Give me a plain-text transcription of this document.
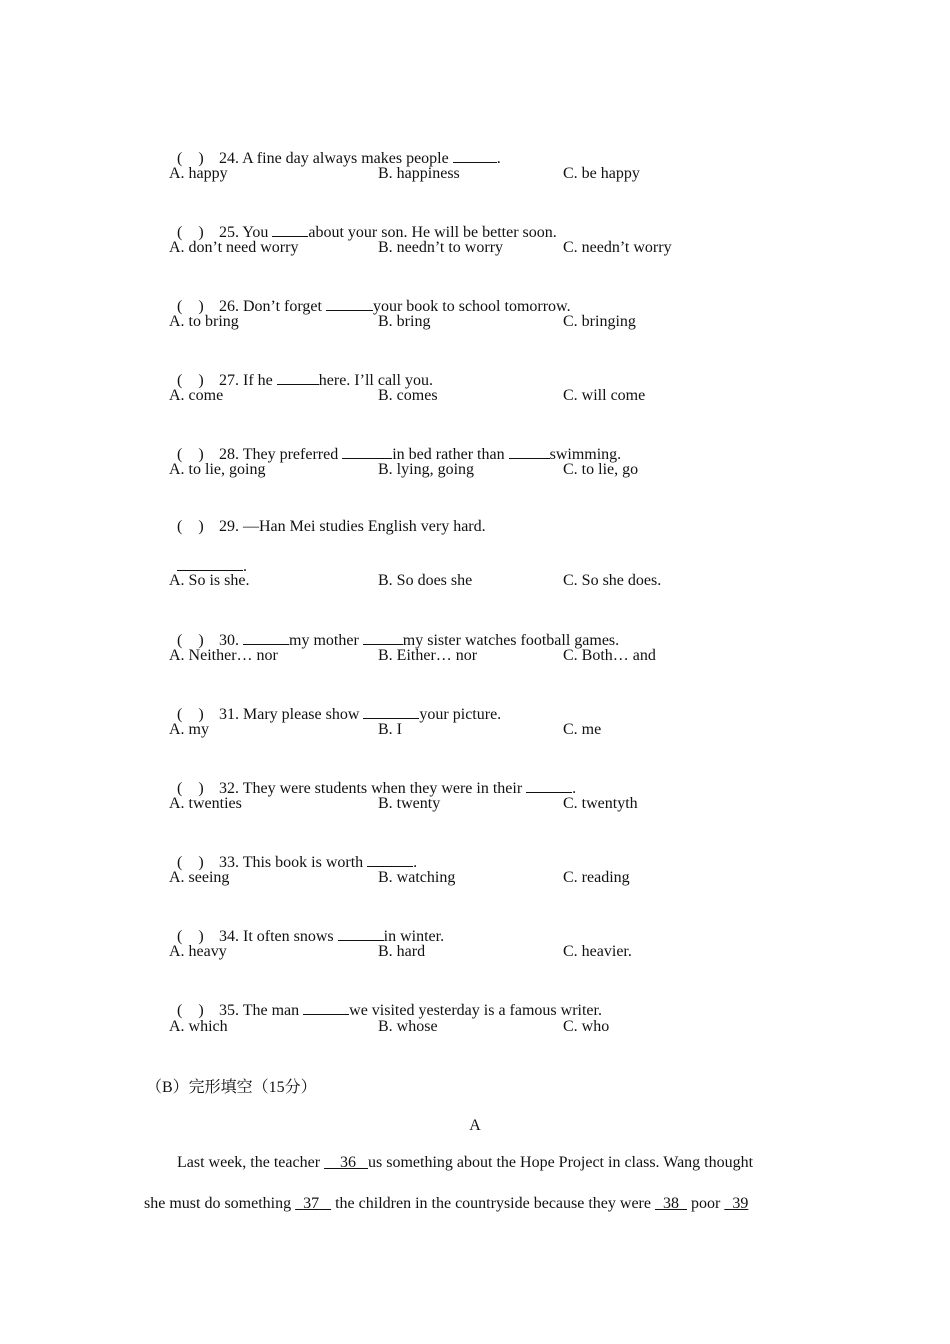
(    ) 24. A fine day always makes people	.

A. happy	B. happiness	C. be happy

(    ) 25. You about your son. He will be better soon.

A. don’t need worry	B. needn’t to worry	C. needn’t worry

(    ) 26. Don’t forget	your book to school tomorrow.

A. to bring	B. bring	C. bringing

(    ) 27. If he	here. I’ll call you.

A. come	B. comes	C. will come

(    ) 28. They preferred	in bed rather than	swimming.

A. to lie, going	B. lying, going	C. to lie, go

(    ) 29. —Han Mei studies English very hard.

.

A. So is she.	B. So does she	C. So she does.

(    ) 30.	my mother	my sister watches football games.

A. Neither… nor	B. Either… nor	C. Both… and

(    ) 31. Mary please show	your picture.

A. my	B. I	C. me

(    ) 32. They were students when they were in their	.

A. twenties	B. twenty	C. twentyth

(    ) 33. This book is worth	.

A. seeing	B. watching	C. reading

(    ) 34. It often snows	in winter.

A. heavy	B. hard	C. heavier.

(    ) 35. The man	we visited yesterday is a famous writer.

A. which	B. whose	C. who
（B）完形填空（15分）
A
Last week, the teacher     36 us something about the Hope Project in class. Wang thought
she must do something   37    the children in the countryside because they were   38   poor   39
